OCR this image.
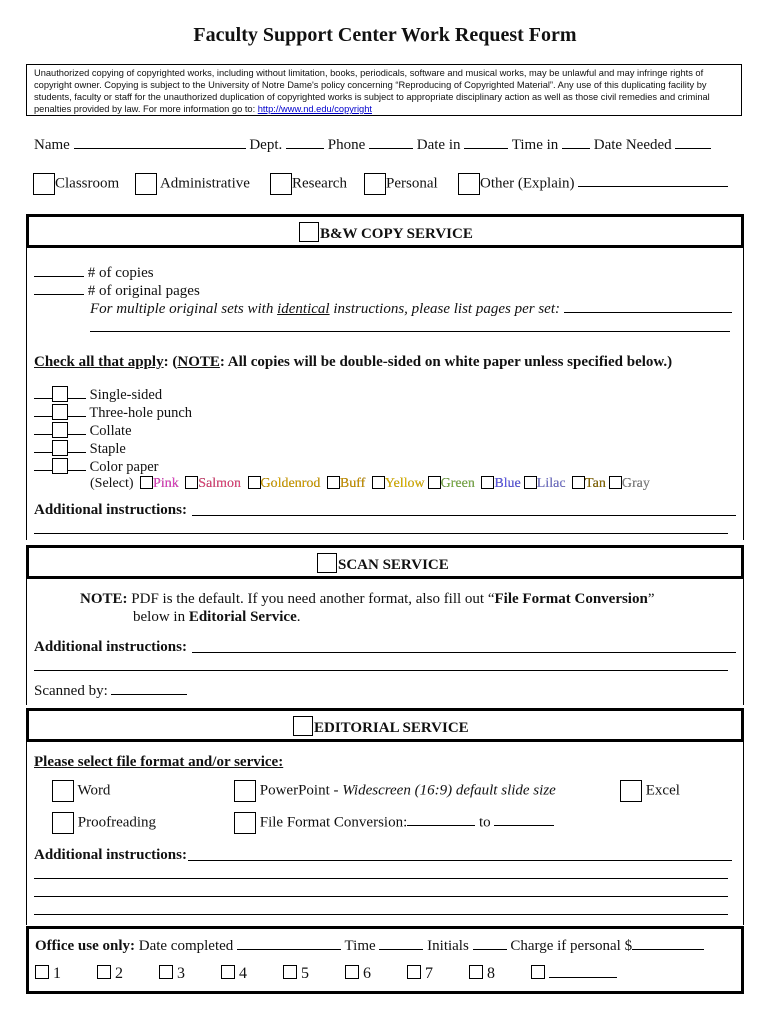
Faculty Support Center Work Request Form
Unauthorized copying of copyrighted works, including without limitation, books, periodicals, software and musical works, may be unlawful and may infringe rights of copyright owner. Copying is subject to the University of Notre Dame's policy concerning “Reproducing of Copyrighted Material”. Any use of this duplicating facility by students, faculty or staff for the unauthorized duplication of copyrighted works is subject to appropriate disciplinary action as well as those civil remedies and criminal penalties provided by law. For more information go to: http://www.nd.edu/copyright
Name	Dept.	Phone	Date in	Time in Date Needed
Classroom	Administrative	Research	Personal	Other (Explain)
B&W COPY SERVICE
# of copies
# of original pages
For multiple original sets with identical instructions, please list pages per set:
Check all that apply: (NOTE: All copies will be double-sided on white paper unless specified below.)
Single-sided
Three-hole punch
Collate
Staple
Color paper
(Select) Pink Salmon Goldenrod Buff Yellow Green Blue Lilac Tan Gray
Additional instructions:
SCAN SERVICE
NOTE: PDF is the default. If you need another format, also fill out “File Format Conversion”
below in Editorial Service.
Additional instructions:
Scanned by:
EDITORIAL SERVICE
Please select file format and/or service:
Word	PowerPoint - Widescreen (16:9) default slide size	Excel
Proofreading	File Format Conversion:	to
Additional instructions:
Office use only: Date completed	Time	Initials	Charge if personal $
1	2	3	4	5	6	7	8
